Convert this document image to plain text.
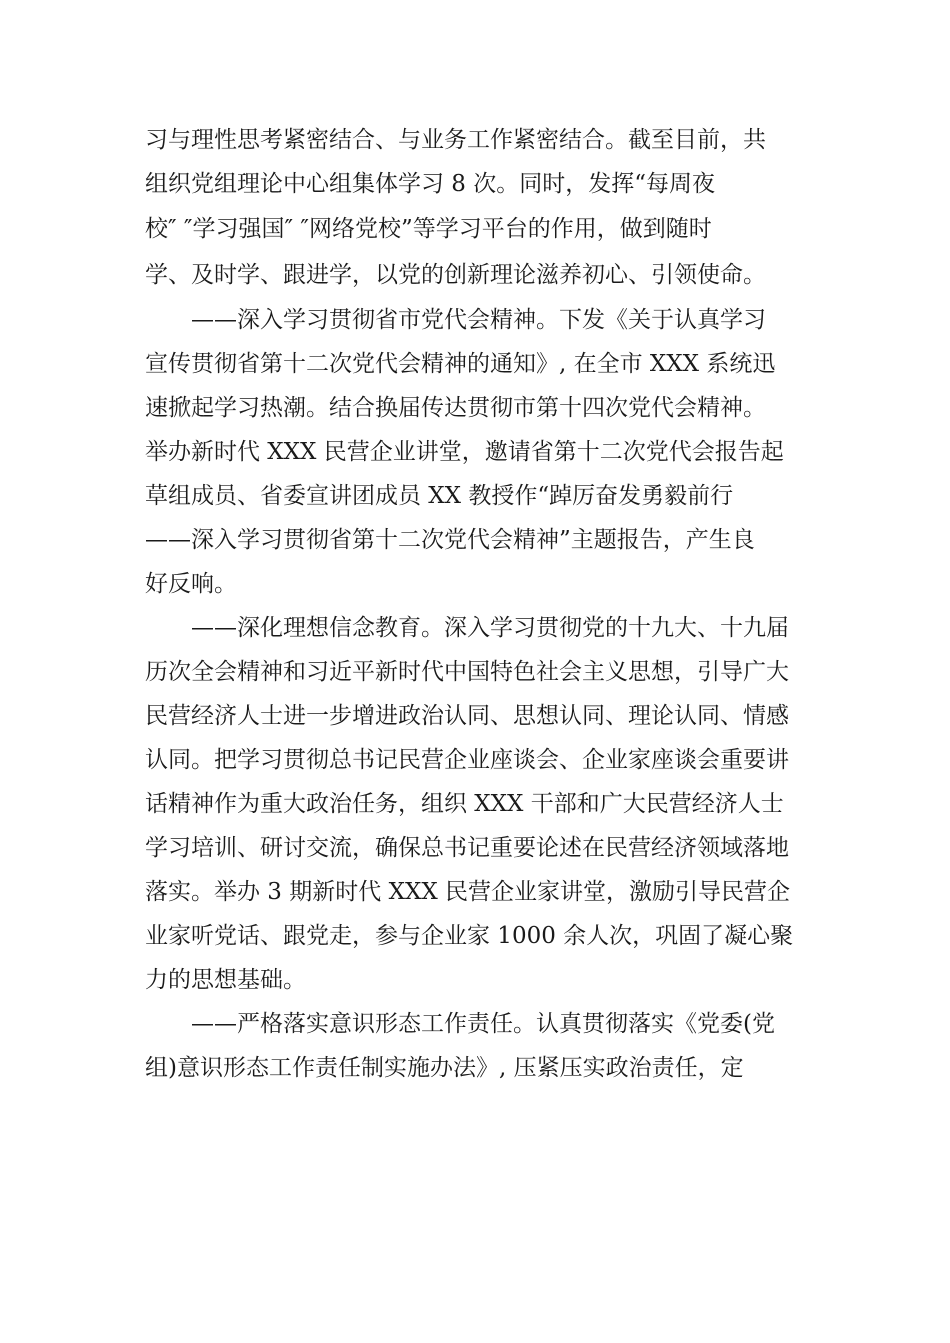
习与理性思考紧密结合、与业务工作紧密结合。截至目前，共
组织党组理论中心组集体学习 8 次。同时，发挥“每周夜
校″ ″学习强国″ ″网络党校”等学习平台的作用，做到随时
学、及时学、跟进学，以党的创新理论滋养初心、引领使命。
——深入学习贯彻省市党代会精神。下发《关于认真学习
宣传贯彻省第十二次党代会精神的通知》, 在全市 XXX 系统迅
速掀起学习热潮。结合换届传达贯彻市第十四次党代会精神。
举办新时代 XXX 民营企业讲堂，邀请省第十二次党代会报告起
草组成员、省委宣讲团成员 XX 教授作“踔厉奋发勇毅前行
——深入学习贯彻省第十二次党代会精神”主题报告，产生良
好反响。
——深化理想信念教育。深入学习贯彻党的十九大、十九届
历次全会精神和习近平新时代中国特色社会主义思想，引导广大
民营经济人士进一步增进政治认同、思想认同、理论认同、情感
认同。把学习贯彻总书记民营企业座谈会、企业家座谈会重要讲
话精神作为重大政治任务，组织 XXX 干部和广大民营经济人士
学习培训、研讨交流，确保总书记重要论述在民营经济领域落地
落实。举办 3 期新时代 XXX 民营企业家讲堂，激励引导民营企
业家听党话、跟党走，参与企业家 1000 余人次，巩固了凝心聚
力的思想基础。
——严格落实意识形态工作责任。认真贯彻落实《党委(党
组)意识形态工作责任制实施办法》, 压紧压实政治责任，定
